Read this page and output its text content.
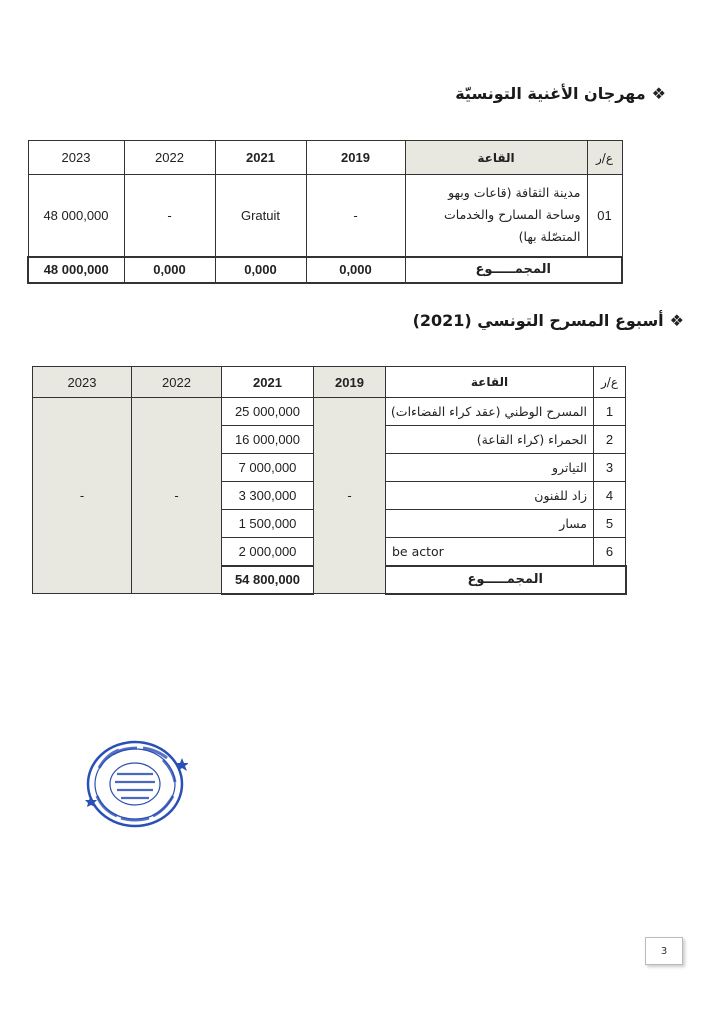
❖
مهرجان الأغنية التونسيّة
2023	2022	2021	2019	القاعة	ع/ر
48 000,000	-	Gratuit	-	مدينة الثقافة (قاعات وبهو
وساحة المسارح والخدمات
المتصّلة بها)	01
48 000,000	0,000	0,000	0,000	المجمـــــوع	
❖
أسبوع المسرح التونسي (2021)
2023	2022	2021	2019	القاعة	ع/ر
-	-	25 000,000	-	المسرح الوطني (عقد كراء الفضاءات)	1
		16 000,000		الحمراء (كراء القاعة)	2
		7 000,000		التياترو	3
		3 300,000		زاد للفنون	4
		1 500,000		مسار	5
		2 000,000		be actor	6
		54 800,000		المجمـــــوع	
3
